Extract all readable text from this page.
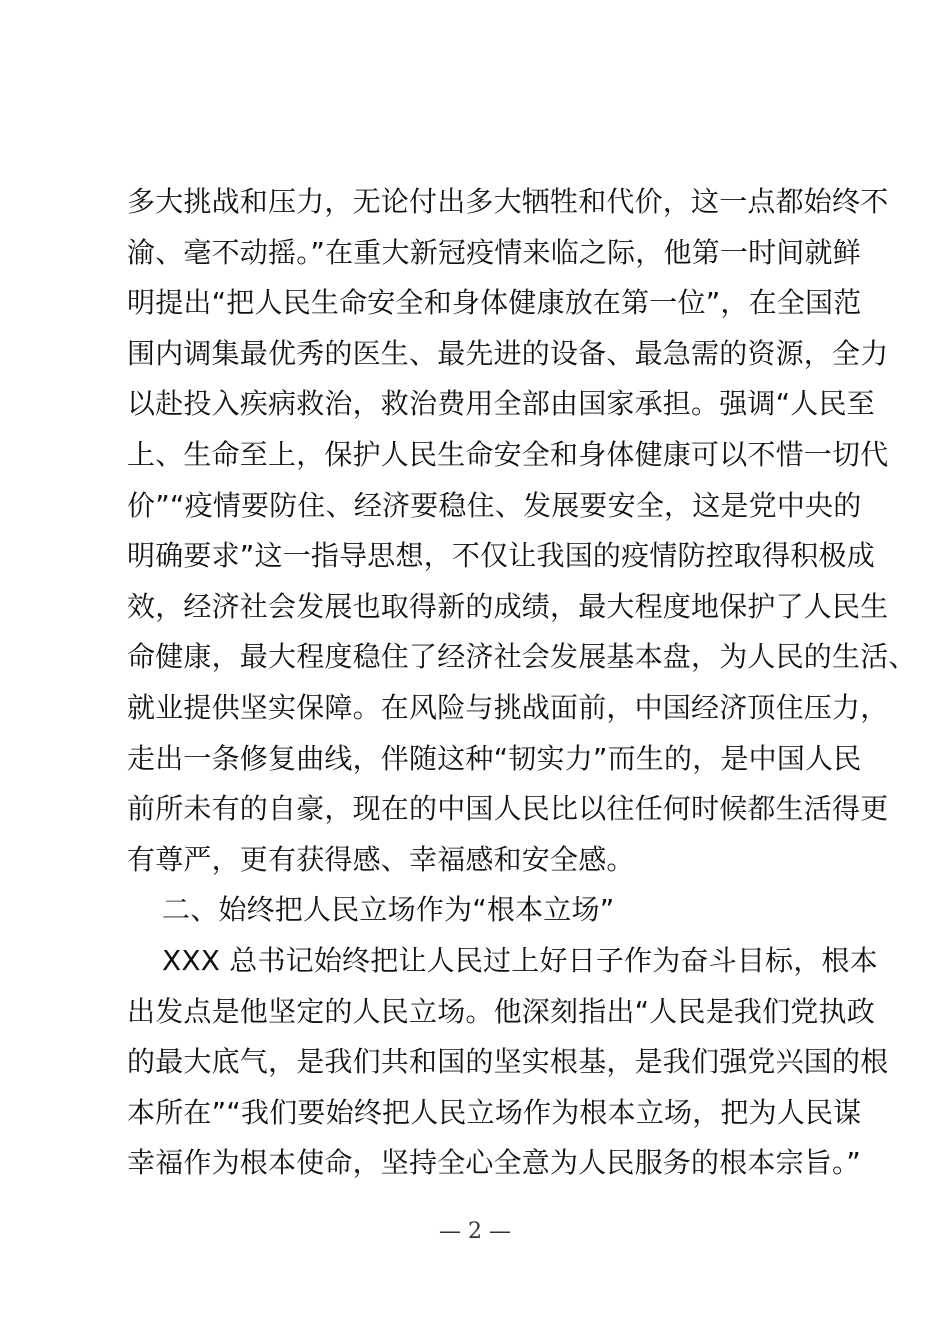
多大挑战和压力，无论付出多大牺牲和代价，这一点都始终不
渝、毫不动摇。”在重大新冠疫情来临之际，他第一时间就鲜
明提出“把人民生命安全和身体健康放在第一位”，在全国范
围内调集最优秀的医生、最先进的设备、最急需的资源，全力
以赴投入疾病救治，救治费用全部由国家承担。强调“人民至
上、生命至上，保护人民生命安全和身体健康可以不惜一切代
价”“疫情要防住、经济要稳住、发展要安全，这是党中央的
明确要求”这一指导思想，不仅让我国的疫情防控取得积极成
效，经济社会发展也取得新的成绩，最大程度地保护了人民生
命健康，最大程度稳住了经济社会发展基本盘，为人民的生活、
就业提供坚实保障。在风险与挑战面前，中国经济顶住压力，
走出一条修复曲线，伴随这种“韧实力”而生的，是中国人民
前所未有的自豪，现在的中国人民比以往任何时候都生活得更
有尊严，更有获得感、幸福感和安全感。
二、始终把人民立场作为“根本立场”
XXX 总书记始终把让人民过上好日子作为奋斗目标，根本
出发点是他坚定的人民立场。他深刻指出“人民是我们党执政
的最大底气，是我们共和国的坚实根基，是我们强党兴国的根
本所在”“我们要始终把人民立场作为根本立场，把为人民谋
幸福作为根本使命，坚持全心全意为人民服务的根本宗旨。”

— 2 —
